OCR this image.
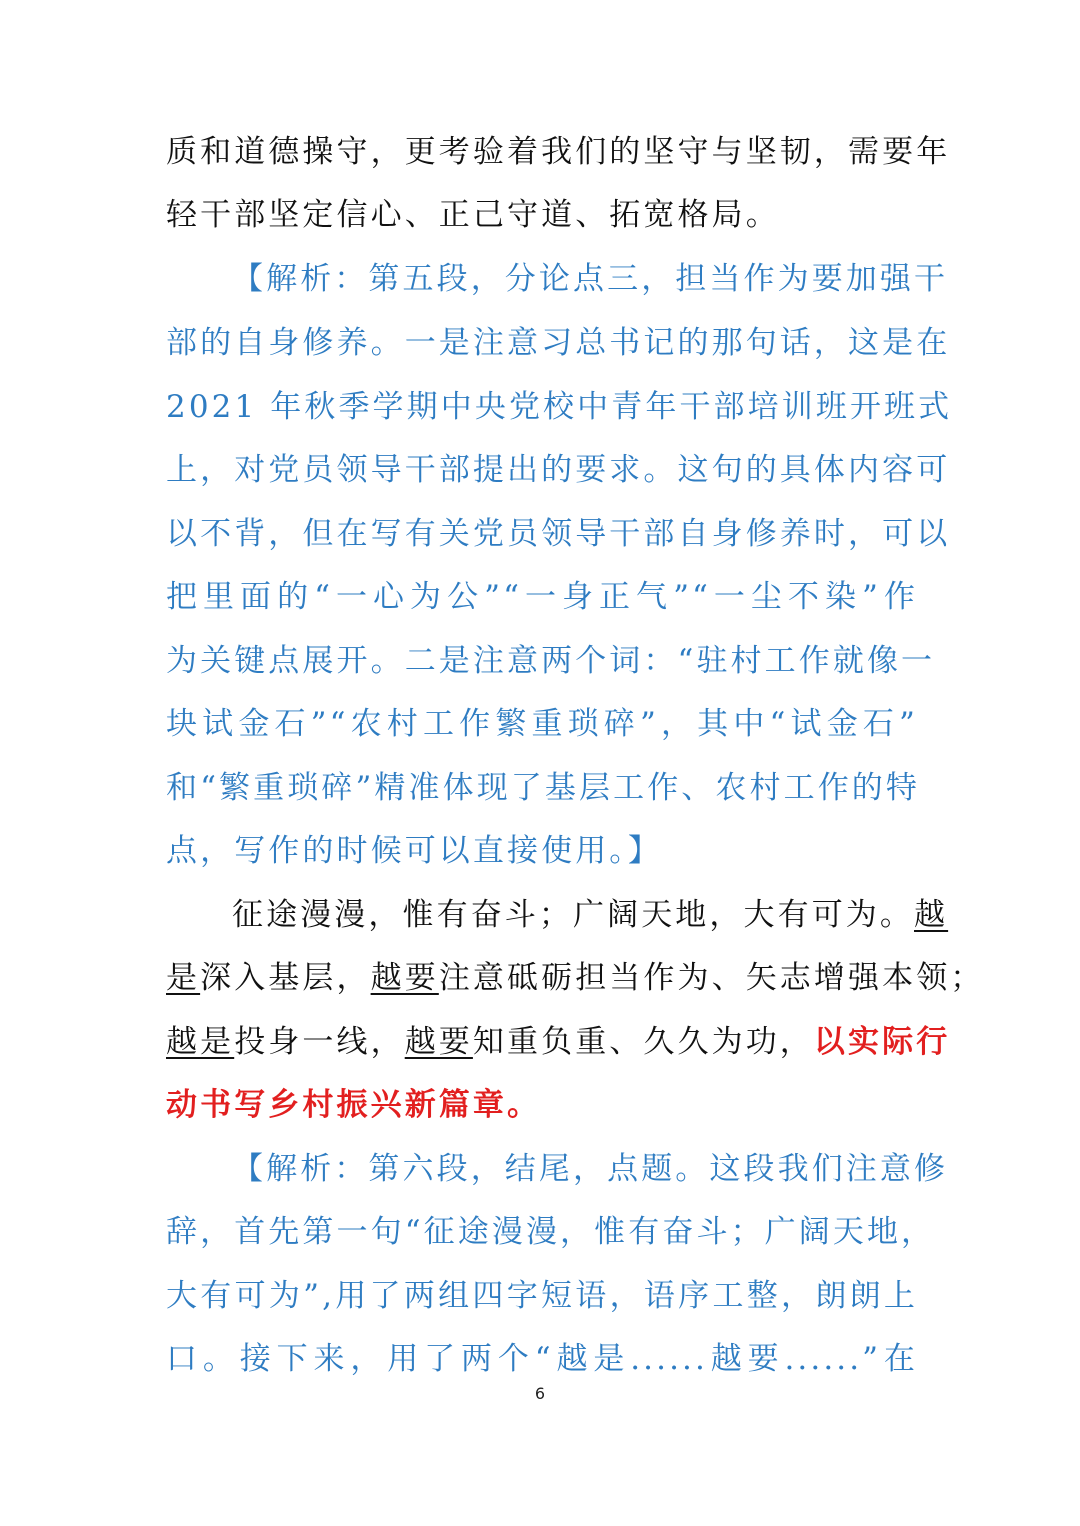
质和道德操守，更考验着我们的坚守与坚韧，需要年
轻干部坚定信心、正己守道、拓宽格局。
【解析：第五段，分论点三，担当作为要加强干
部的自身修养。一是注意习总书记的那句话，这是在
2021 年秋季学期中央党校中青年干部培训班开班式
上，对党员领导干部提出的要求。这句的具体内容可
以不背，但在写有关党员领导干部自身修养时，可以
把里面的“一心为公”“一身正气”“一尘不染”作
为关键点展开。二是注意两个词：“驻村工作就像一
块试金石”“农村工作繁重琐碎”，其中“试金石”
和“繁重琐碎”精准体现了基层工作、农村工作的特
点，写作的时候可以直接使用。】
征途漫漫，惟有奋斗；广阔天地，大有可为。越
是深入基层，越要注意砥砺担当作为、矢志增强本领；
越是投身一线，越要知重负重、久久为功，以实际行
动书写乡村振兴新篇章。
【解析：第六段，结尾，点题。这段我们注意修
辞，首先第一句“征途漫漫，惟有奋斗；广阔天地，
大有可为”,用了两组四字短语，语序工整，朗朗上
口。接下来，用了两个“越是......越要......”在
6
